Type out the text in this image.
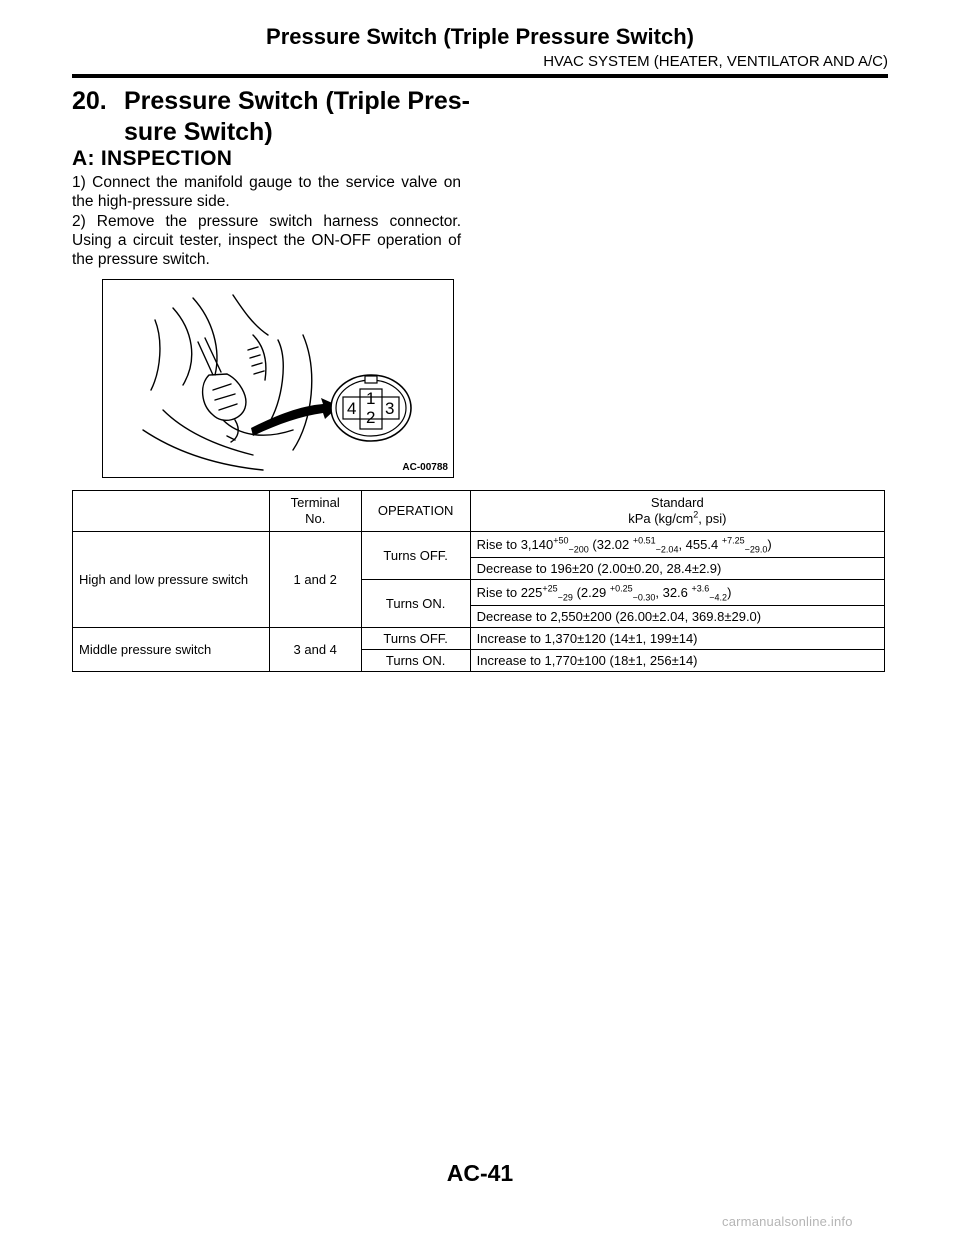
Pressure Switch (Triple Pressure Switch)
HVAC SYSTEM (HEATER, VENTILATOR AND A/C)
20. Pressure Switch (Triple Pres-
sure Switch)
A: INSPECTION

1) Connect the manifold gauge to the service valve on the high-pressure side.

2) Remove the pressure switch harness connector. Using a circuit tester, inspect the ON-OFF operation of the pressure switch.

1
2 3
4
AC-00788
	Terminal
No.	OPERATION	Standard
kPa ($kg/cm^2$, psi)
High and low pressure switch	1 and 2	Turns OFF.	Rise to $3,140^{+50}_{-200}$ (32.02 $^{+0.51}_{-2.04}$, 455.4 $^{+7.25}_{-29.0}$)
			Decrease to 196±20 (2.00±0.20, 28.4±2.9)
		Turns ON.	Rise to $225^{+25}_{-29}$ (2.29 $^{+0.25}_{-0.30}$, 32.6 $^{+3.6}_{-4.2}$)
			Decrease to 2,550±200 (26.00±2.04, 369.8±29.0)
Middle pressure switch	3 and 4	Turns OFF.	Increase to 1,370±120 (14±1, 199±14)
		Turns ON.	Increase to 1,770±100 (18±1, 256±14)
AC-41
carmanualsonline.info
